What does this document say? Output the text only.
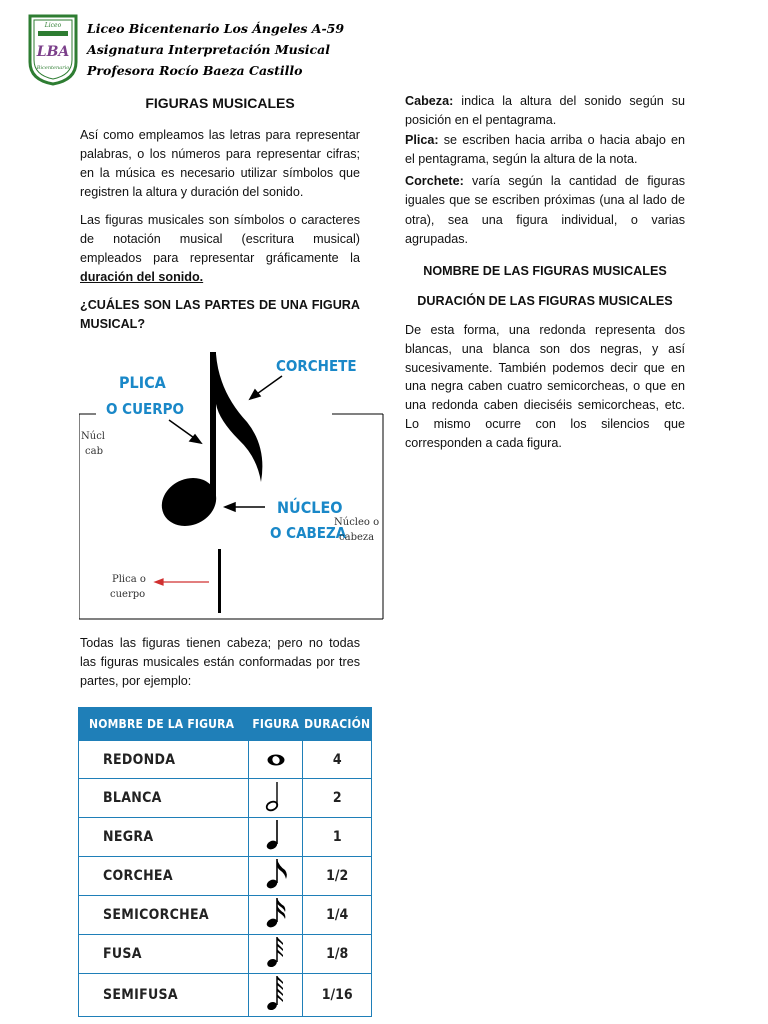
Liceo
LBA
Bicentenario
Liceo Bicentenario Los Ángeles A-59
Asignatura Interpretación Musical
Profesora Rocío Baeza Castillo
FIGURAS MUSICALES

Así como empleamos las letras para representar palabras, o los números para representar cifras; en la música es necesario utilizar símbolos que registren la altura y duración del sonido.

Las figuras musicales son símbolos o caracteres de notación musical (escritura musical) empleados para representar gráficamente la duración del sonido.

¿CUÁLES SON LAS PARTES DE UNA FIGURA MUSICAL?

PLICA
O CUERPO
CORCHETE
NÚCLEO
O CABEZA
Núcl
cab
Núcleo o
cabeza
Plica o
cuerpo

Todas las figuras tienen cabeza; pero no todas las figuras musicales están conformadas por tres partes, por ejemplo:

NOMBRE DE LA FIGURA	FIGURA	DURACIÓN
REDONDA		4
BLANCA		2
NEGRA		1
CORCHEA		1/2
SEMICORCHEA		1/4
FUSA		1/8
SEMIFUSA		1/16

Cabeza: indica la altura del sonido según su posición en el pentagrama.

Plica: se escriben hacia arriba o hacia abajo en el pentagrama, según la altura de la nota.

Corchete: varía según la cantidad de figuras iguales que se escriben próximas (una al lado de otra), sea una figura individual, o varias agrupadas.

NOMBRE DE LAS FIGURAS MUSICALES
DURACIÓN DE LAS FIGURAS MUSICALES

De esta forma, una redonda representa dos blancas, una blanca son dos negras, y así sucesivamente. También podemos decir que en una negra caben cuatro semicorcheas, o que en una redonda caben dieciséis semicorcheas, etc. Lo mismo ocurre con los silencios que corresponden a cada figura.
